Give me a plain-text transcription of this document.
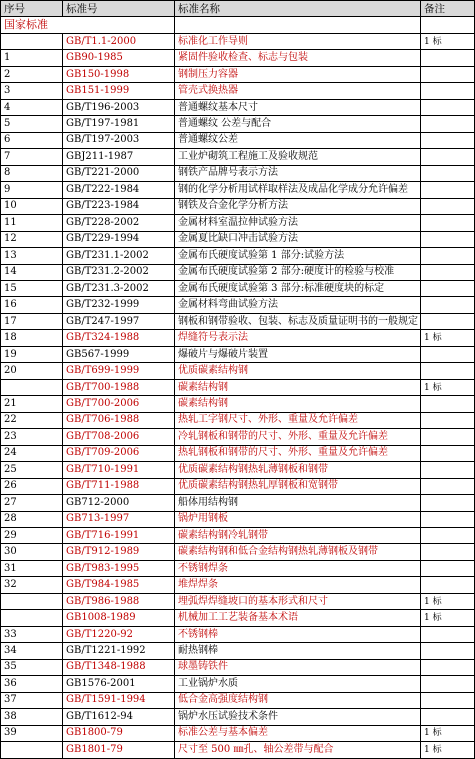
序号	标准号	标准名称	备注
国家标准			
	GB/T1.1-2000	标准化工作导则	1 标
1	GB90-1985	紧固件验收检查、标志与包装	
2	GB150-1998	钢制压力容器	
3	GB151-1999	管壳式换热器	
4	GB/T196-2003	普通螺纹基本尺寸	
5	GB/T197-1981	普通螺纹 公差与配合	
6	GB/T197-2003	普通螺纹公差	
7	GBJ211-1987	工业炉砌筑工程施工及验收规范	
8	GB/T221-2000	钢铁产品牌号表示方法	
9	GB/T222-1984	钢的化学分析用试样取样法及成品化学成分允许偏差	
10	GB/T223-1984	钢铁及合金化学分析方法	
11	GB/T228-2002	金属材料室温拉伸试验方法	
12	GB/T229-1994	金属夏比缺口冲击试验方法	
13	GB/T231.1-2002	金属布氏硬度试验第 1 部分:试验方法	
14	GB/T231.2-2002	金属布氏硬度试验第 2 部分:硬度计的检验与校准	
15	GB/T231.3-2002	金属布氏硬度试验第 3 部分:标准硬度块的标定	
16	GB/T232-1999	金属材料弯曲试验方法	
17	GB/T247-1997	钢板和钢带验收、包装、标志及质量证明书的一般规定	
18	GB/T324-1988	焊缝符号表示法	1 标
19	GB567-1999	爆破片与爆破片装置	
20	GB/T699-1999	优质碳素结构钢	
	GB/T700-1988	碳素结构钢	1 标
21	GB/T700-2006	碳素结构钢	
22	GB/T706-1988	热轧工字钢尺寸、外形、重量及允许偏差	
23	GB/T708-2006	冷轧钢板和钢带的尺寸、外形、重量及允许偏差	
24	GB/T709-2006	热轧钢板和钢带的尺寸、外形、重量及允许偏差	
25	GB/T710-1991	优质碳素结构钢热轧薄钢板和钢带	
26	GB/T711-1988	优质碳素结构钢热轧厚钢板和宽钢带	
27	GB712-2000	船体用结构钢	
28	GB713-1997	锅炉用钢板	
29	GB/T716-1991	碳素结构钢冷轧钢带	
30	GB/T912-1989	碳素结构钢和低合金结构钢热轧薄钢板及钢带	
31	GB/T983-1995	不锈钢焊条	
32	GB/T984-1985	堆焊焊条	
	GB/T986-1988	埋弧焊焊缝坡口的基本形式和尺寸	1 标
	GB1008-1989	机械加工工艺装备基本术语	1 标
33	GB/T1220-92	不锈钢棒	
34	GB/T1221-1992	耐热钢棒	
35	GB/T1348-1988	球墨铸铁件	
36	GB1576-2001	工业锅炉水质	
37	GB/T1591-1994	低合金高强度结构钢	
38	GB/T1612-94	锅炉水压试验技术条件	
39	GB1800-79	标准公差与基本偏差	1 标
	GB1801-79	尺寸至 500 ㎜孔、轴公差带与配合	1 标
